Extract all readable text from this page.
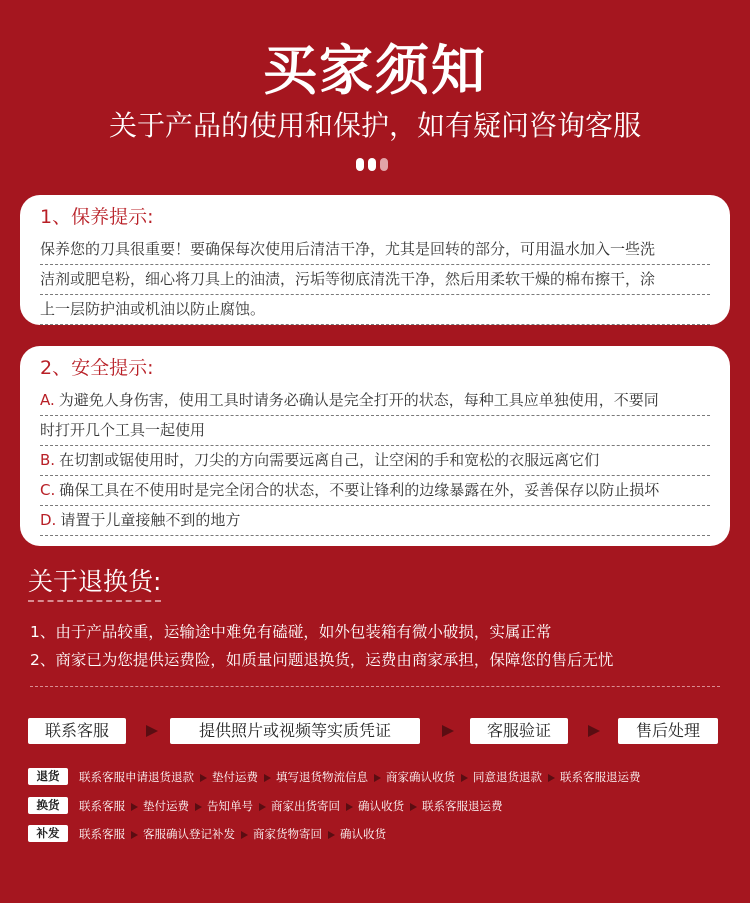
买家须知
关于产品的使用和保护，如有疑问咨询客服
1、保养提示:
保养您的刀具很重要！要确保每次使用后清洁干净，尤其是回转的部分，可用温水加入一些洗
洁剂或肥皂粉，细心将刀具上的油渍，污垢等彻底清洗干净，然后用柔软干燥的棉布擦干，涂
上一层防护油或机油以防止腐蚀。
2、安全提示:
A. 为避免人身伤害，使用工具时请务必确认是完全打开的状态，每种工具应单独使用，不要同
时打开几个工具一起使用
B. 在切割或锯使用时，刀尖的方向需要远离自己，让空闲的手和宽松的衣服远离它们
C. 确保工具在不使用时是完全闭合的状态，不要让锋利的边缘暴露在外，妥善保存以防止损坏
D. 请置于儿童接触不到的地方
关于退换货:
1、由于产品较重，运输途中难免有磕碰，如外包装箱有微小破损，实属正常
2、商家已为您提供运费险，如质量问题退换货，运费由商家承担，保障您的售后无忧
联系客服	提供照片或视频等实质凭证	客服验证	售后处理
退货	联系客服申请退货退款 垫付运费 填写退货物流信息 商家确认收货 同意退货退款 联系客服退运费
换货	联系客服 垫付运费 告知单号 商家出货寄回 确认收货 联系客服退运费
补发	联系客服 客服确认登记补发 商家货物寄回 确认收货
